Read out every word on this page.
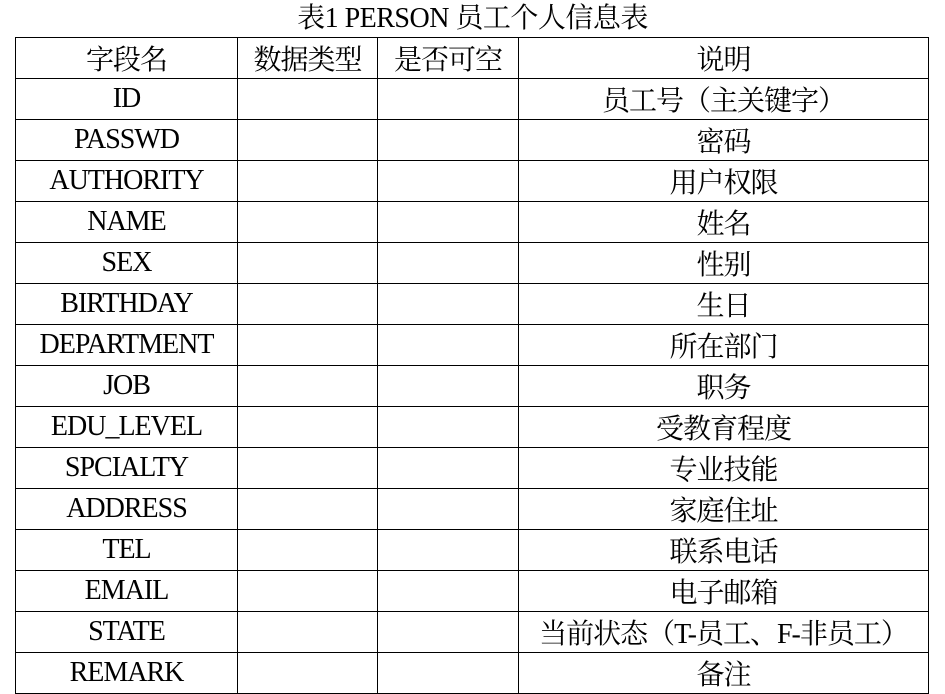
表1 PERSON 员工个人信息表
字段名	数据类型	是否可空	说明
ID			员工号（主关键字）
PASSWD			密码
AUTHORITY			用户权限
NAME			姓名
SEX			性别
BIRTHDAY			生日
DEPARTMENT			所在部门
JOB			职务
EDU_LEVEL			受教育程度
SPCIALTY			专业技能
ADDRESS			家庭住址
TEL			联系电话
EMAIL			电子邮箱
STATE			当前状态（T-员工、F-非员工）
REMARK			备注
